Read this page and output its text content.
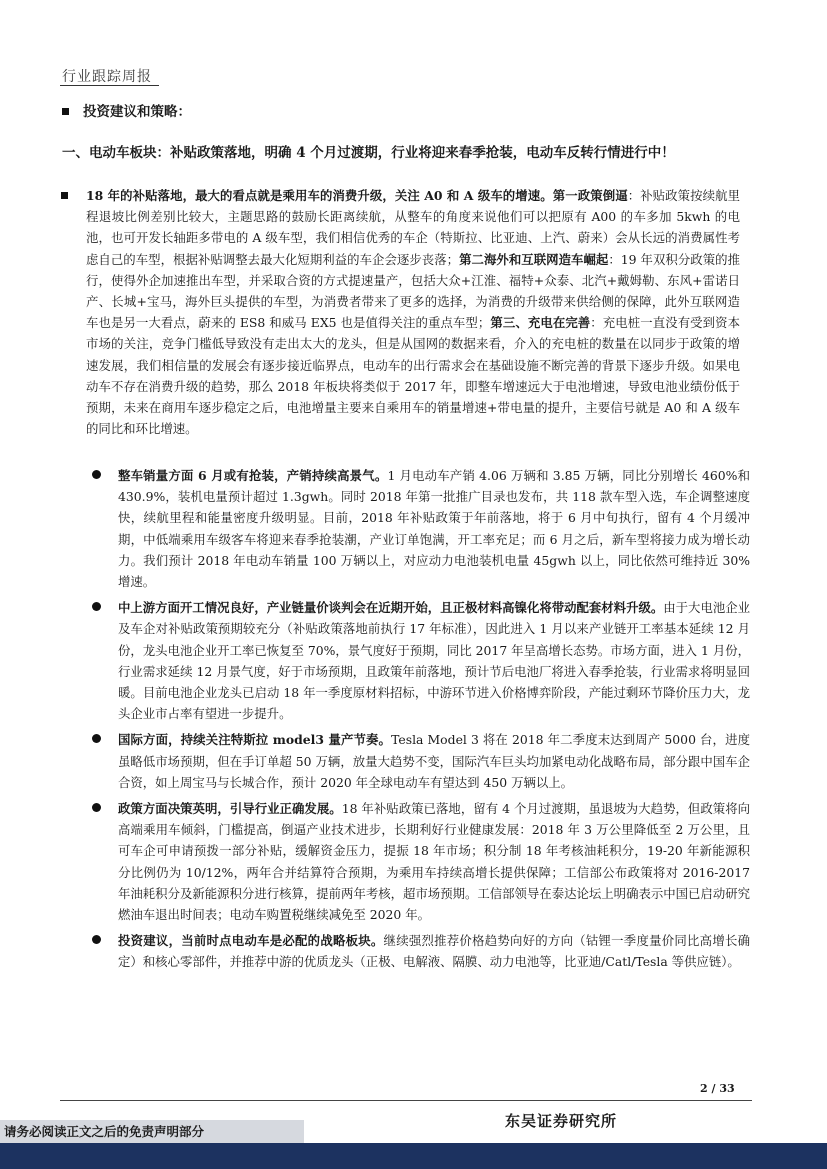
行业跟踪周报
投资建议和策略：
一、电动车板块：补贴政策落地，明确 4 个月过渡期，行业将迎来春季抢装，电动车反转行情进行中！
18 年的补贴落地，最大的看点就是乘用车的消费升级，关注 A0 和 A 级车的增速。第一政策倒逼：补贴政策按续航里程退坡比例差别比较大，主题思路的鼓励长距离续航，从整车的角度来说他们可以把原有 A00 的车多加 5kwh 的电池，也可开发长轴距多带电的 A 级车型，我们相信优秀的车企（特斯拉、比亚迪、上汽、蔚来）会从长远的消费属性考虑自己的车型，根据补贴调整去最大化短期利益的车企会逐步丧落；第二海外和互联网造车崛起：19 年双积分政策的推行，使得外企加速推出车型，并采取合资的方式提速量产，包括大众+江淮、福特+众泰、北汽+戴姆勒、东风+雷诺日产、长城+宝马，海外巨头提供的车型，为消费者带来了更多的选择，为消费的升级带来供给侧的保障，此外互联网造车也是另一大看点，蔚来的 ES8 和威马 EX5 也是值得关注的重点车型；第三、充电在完善：充电桩一直没有受到资本市场的关注，竞争门槛低导致没有走出太大的龙头，但是从国网的数据来看，介入的充电桩的数量在以同步于政策的增速发展，我们相信量的发展会有逐步接近临界点，电动车的出行需求会在基础设施不断完善的背景下逐步升级。如果电动车不存在消费升级的趋势，那么 2018 年板块将类似于 2017 年，即整车增速远大于电池增速，导致电池业绩份低于预期，未来在商用车逐步稳定之后，电池增量主要来自乘用车的销量增速+带电量的提升，主要信号就是 A0 和 A 级车的同比和环比增速。
整车销量方面 6 月或有抢装，产销持续高景气。1 月电动车产销 4.06 万辆和 3.85 万辆，同比分别增长 460%和 430.9%，装机电量预计超过 1.3gwh。同时 2018 年第一批推广目录也发布，共 118 款车型入选，车企调整速度快，续航里程和能量密度升级明显。目前，2018 年补贴政策于年前落地，将于 6 月中旬执行，留有 4 个月缓冲期，中低端乘用车级客车将迎来春季抢装潮，产业订单饱满，开工率充足；而 6 月之后，新车型将接力成为增长动力。我们预计 2018 年电动车销量 100 万辆以上，对应动力电池装机电量 45gwh 以上，同比依然可维持近 30%增速。
中上游方面开工情况良好，产业链量价谈判会在近期开始，且正极材料高镍化将带动配套材料升级。由于大电池企业及车企对补贴政策预期较充分（补贴政策落地前执行 17 年标准），因此进入 1 月以来产业链开工率基本延续 12 月份，龙头电池企业开工率已恢复至 70%，景气度好于预期，同比 2017 年呈高增长态势。市场方面，进入 1 月份，行业需求延续 12 月景气度，好于市场预期，且政策年前落地，预计节后电池厂将进入春季抢装，行业需求将明显回暖。目前电池企业龙头已启动 18 年一季度原材料招标，中游环节进入价格博弈阶段，产能过剩环节降价压力大，龙头企业市占率有望进一步提升。
国际方面，持续关注特斯拉 model3 量产节奏。Tesla Model 3 将在 2018 年二季度末达到周产 5000 台，进度虽略低市场预期，但在手订单超 50 万辆，放量大趋势不变，国际汽车巨头均加紧电动化战略布局，部分跟中国车企合资，如上周宝马与长城合作，预计 2020 年全球电动车有望达到 450 万辆以上。
政策方面决策英明，引导行业正确发展。18 年补贴政策已落地，留有 4 个月过渡期，虽退坡为大趋势，但政策将向高端乘用车倾斜，门槛提高，倒逼产业技术进步，长期利好行业健康发展：2018 年 3 万公里降低至 2 万公里，且可车企可申请预拨一部分补贴，缓解资金压力，提振 18 年市场；积分制 18 年考核油耗积分，19-20 年新能源积分比例仍为 10/12%，两年合并结算符合预期，为乘用车持续高增长提供保障；工信部公布政策将对 2016-2017 年油耗积分及新能源积分进行核算，提前两年考核，超市场预期。工信部领导在泰达论坛上明确表示中国已启动研究燃油车退出时间表；电动车购置税继续减免至 2020 年。
投资建议，当前时点电动车是必配的战略板块。继续强烈推荐价格趋势向好的方向（钴锂一季度量价同比高增长确定）和核心零部件，并推荐中游的优质龙头（正极、电解液、隔膜、动力电池等，比亚迪/Catl/Tesla 等供应链）。
2 / 33
东吴证券研究所
请务必阅读正文之后的免责声明部分
